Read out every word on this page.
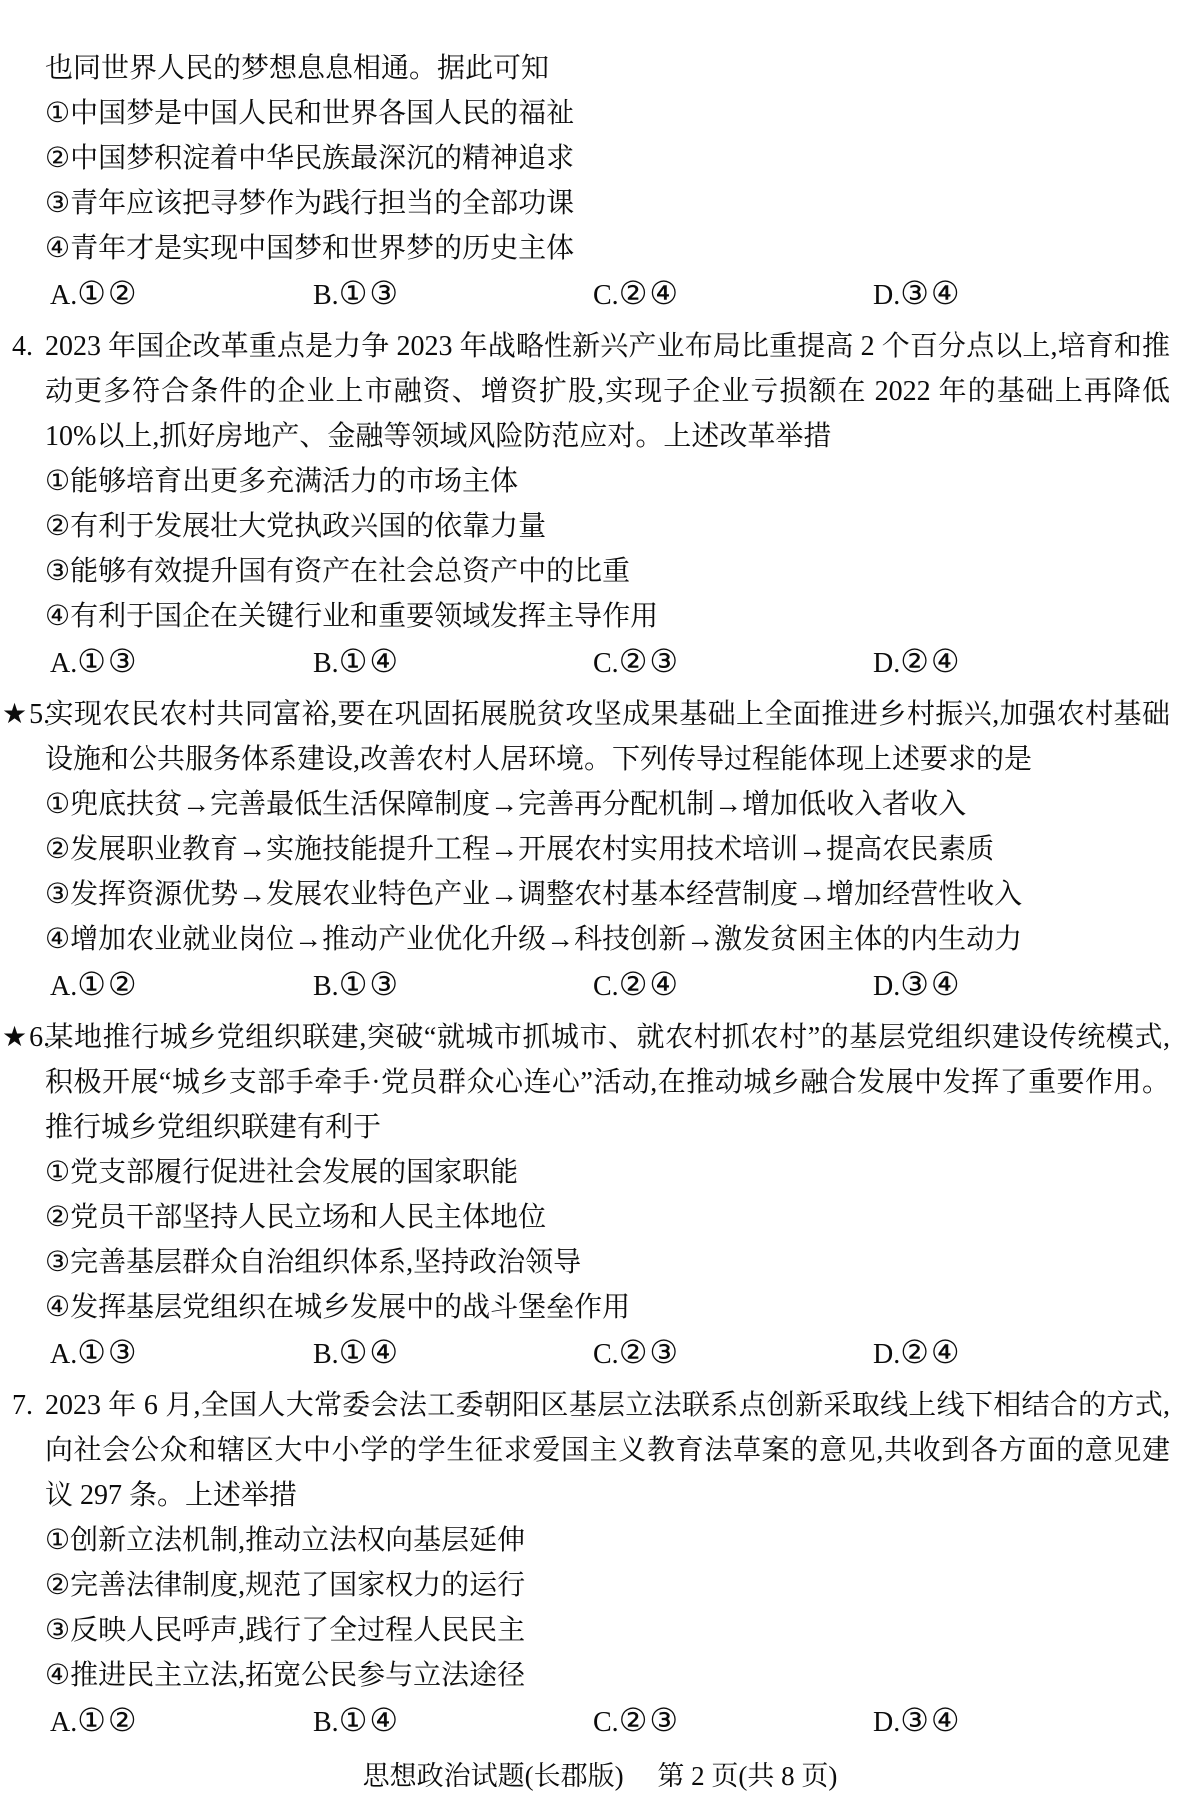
也同世界人民的梦想息息相通。据此可知

①中国梦是中国人民和世界各国人民的福祉

②中国梦积淀着中华民族最深沉的精神追求

③青年应该把寻梦作为践行担当的全部功课

④青年才是实现中国梦和世界梦的历史主体

A.①②	B.①③	C.②④	D.③④

4. 2023 年国企改革重点是力争 2023 年战略性新兴产业布局比重提高 2 个百分点以上,培育和推动更多符合条件的企业上市融资、增资扩股,实现子企业亏损额在 2022 年的基础上再降低 10%以上,抓好房地产、金融等领域风险防范应对。上述改革举措

①能够培育出更多充满活力的市场主体

②有利于发展壮大党执政兴国的依靠力量

③能够有效提升国有资产在社会总资产中的比重

④有利于国企在关键行业和重要领域发挥主导作用

A.①③	B.①④	C.②③	D.②④

★5.实现农民农村共同富裕,要在巩固拓展脱贫攻坚成果基础上全面推进乡村振兴,加强农村基础设施和公共服务体系建设,改善农村人居环境。下列传导过程能体现上述要求的是

①兜底扶贫→完善最低生活保障制度→完善再分配机制→增加低收入者收入

②发展职业教育→实施技能提升工程→开展农村实用技术培训→提高农民素质

③发挥资源优势→发展农业特色产业→调整农村基本经营制度→增加经营性收入

④增加农业就业岗位→推动产业优化升级→科技创新→激发贫困主体的内生动力

A.①②	B.①③	C.②④	D.③④

★6.某地推行城乡党组织联建,突破“就城市抓城市、就农村抓农村”的基层党组织建设传统模式,积极开展“城乡支部手牵手·党员群众心连心”活动,在推动城乡融合发展中发挥了重要作用。推行城乡党组织联建有利于

①党支部履行促进社会发展的国家职能

②党员干部坚持人民立场和人民主体地位

③完善基层群众自治组织体系,坚持政治领导

④发挥基层党组织在城乡发展中的战斗堡垒作用

A.①③	B.①④	C.②③	D.②④

7. 2023 年 6 月,全国人大常委会法工委朝阳区基层立法联系点创新采取线上线下相结合的方式,向社会公众和辖区大中小学的学生征求爱国主义教育法草案的意见,共收到各方面的意见建议 297 条。上述举措

①创新立法机制,推动立法权向基层延伸

②完善法律制度,规范了国家权力的运行

③反映人民呼声,践行了全过程人民民主

④推进民主立法,拓宽公民参与立法途径

A.①②	B.①④	C.②③	D.③④
思想政治试题(长郡版)　 第 2 页(共 8 页)
